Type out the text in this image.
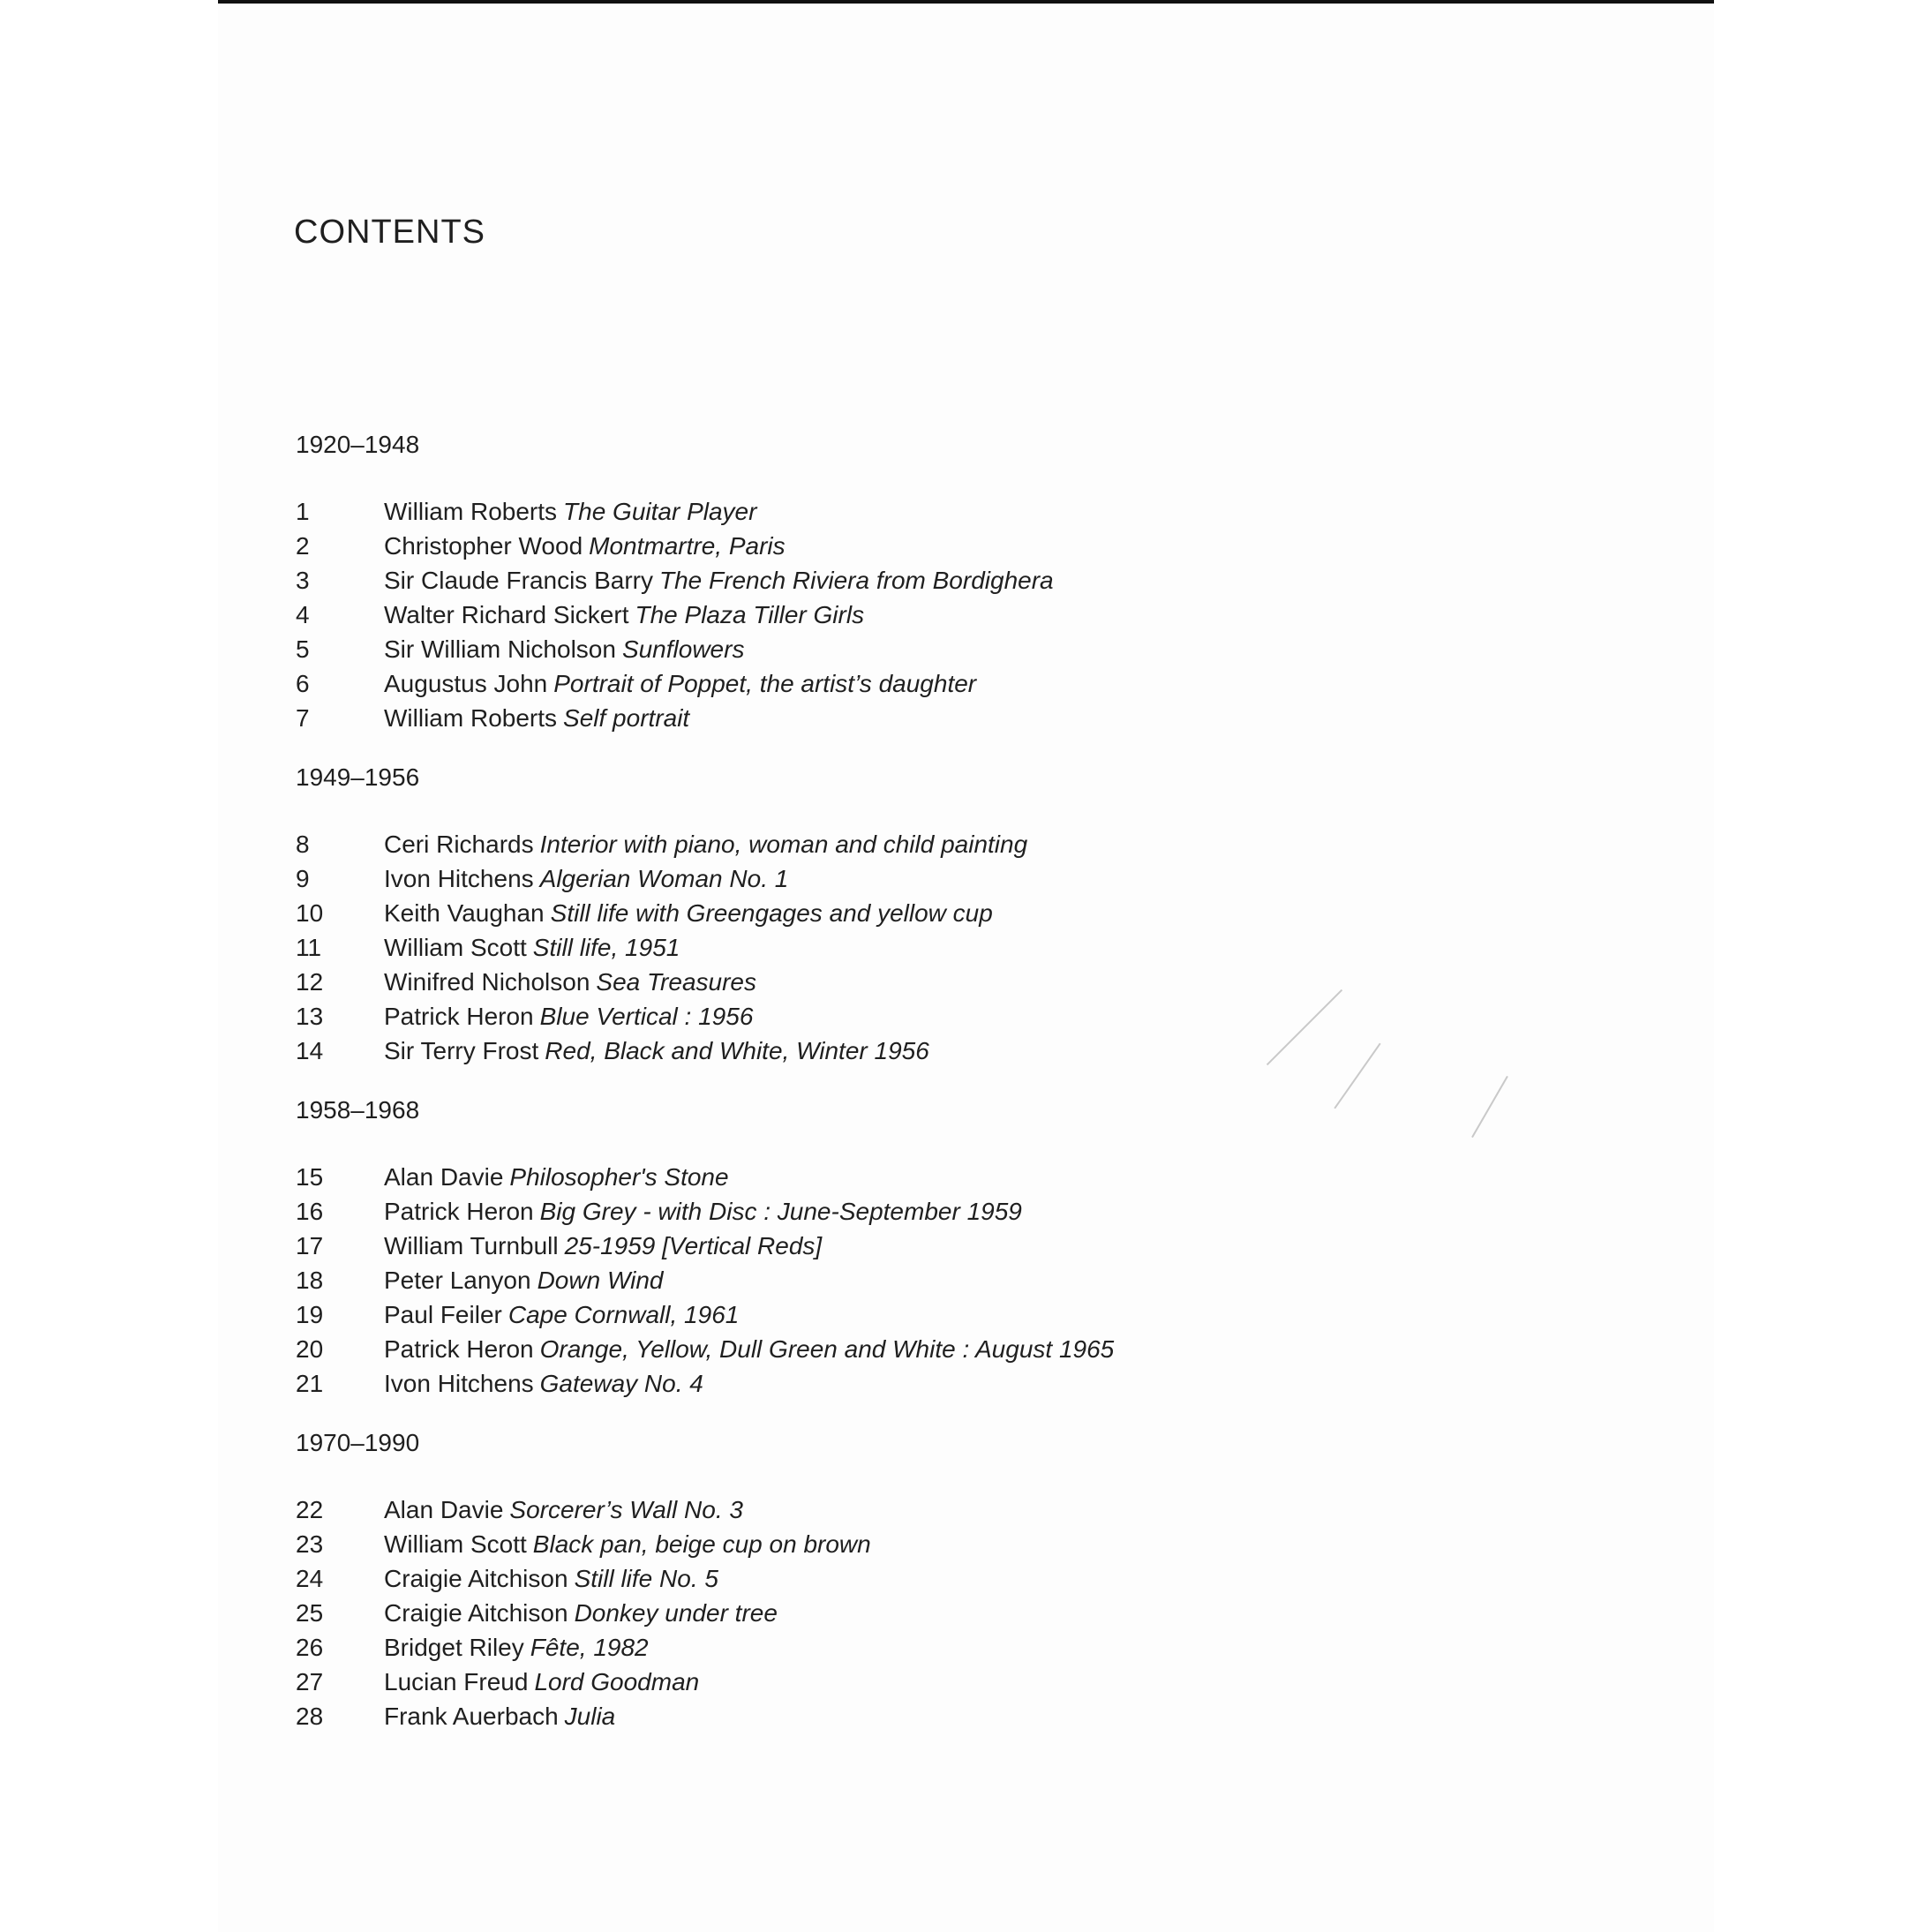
CONTENTS
1920–1948
1	William Roberts The Guitar Player
2	Christopher Wood Montmartre, Paris
3	Sir Claude Francis Barry The French Riviera from Bordighera
4	Walter Richard Sickert The Plaza Tiller Girls
5	Sir William Nicholson Sunflowers
6	Augustus John Portrait of Poppet, the artist’s daughter
7	William Roberts Self portrait
1949–1956
8	Ceri Richards Interior with piano, woman and child painting
9	Ivon Hitchens Algerian Woman No. 1
10	Keith Vaughan Still life with Greengages and yellow cup
11	William Scott Still life, 1951
12	Winifred Nicholson Sea Treasures
13	Patrick Heron Blue Vertical : 1956
14	Sir Terry Frost Red, Black and White, Winter 1956
1958–1968
15	Alan Davie Philosopher's Stone
16	Patrick Heron Big Grey - with Disc : June-September 1959
17	William Turnbull 25-1959 [Vertical Reds]
18	Peter Lanyon Down Wind
19	Paul Feiler Cape Cornwall, 1961
20	Patrick Heron Orange, Yellow, Dull Green and White : August 1965
21	Ivon Hitchens Gateway No. 4
1970–1990
22	Alan Davie Sorcerer’s Wall No. 3
23	William Scott Black pan, beige cup on brown
24	Craigie Aitchison Still life No. 5
25	Craigie Aitchison Donkey under tree
26	Bridget Riley Fête, 1982
27	Lucian Freud Lord Goodman
28	Frank Auerbach Julia
